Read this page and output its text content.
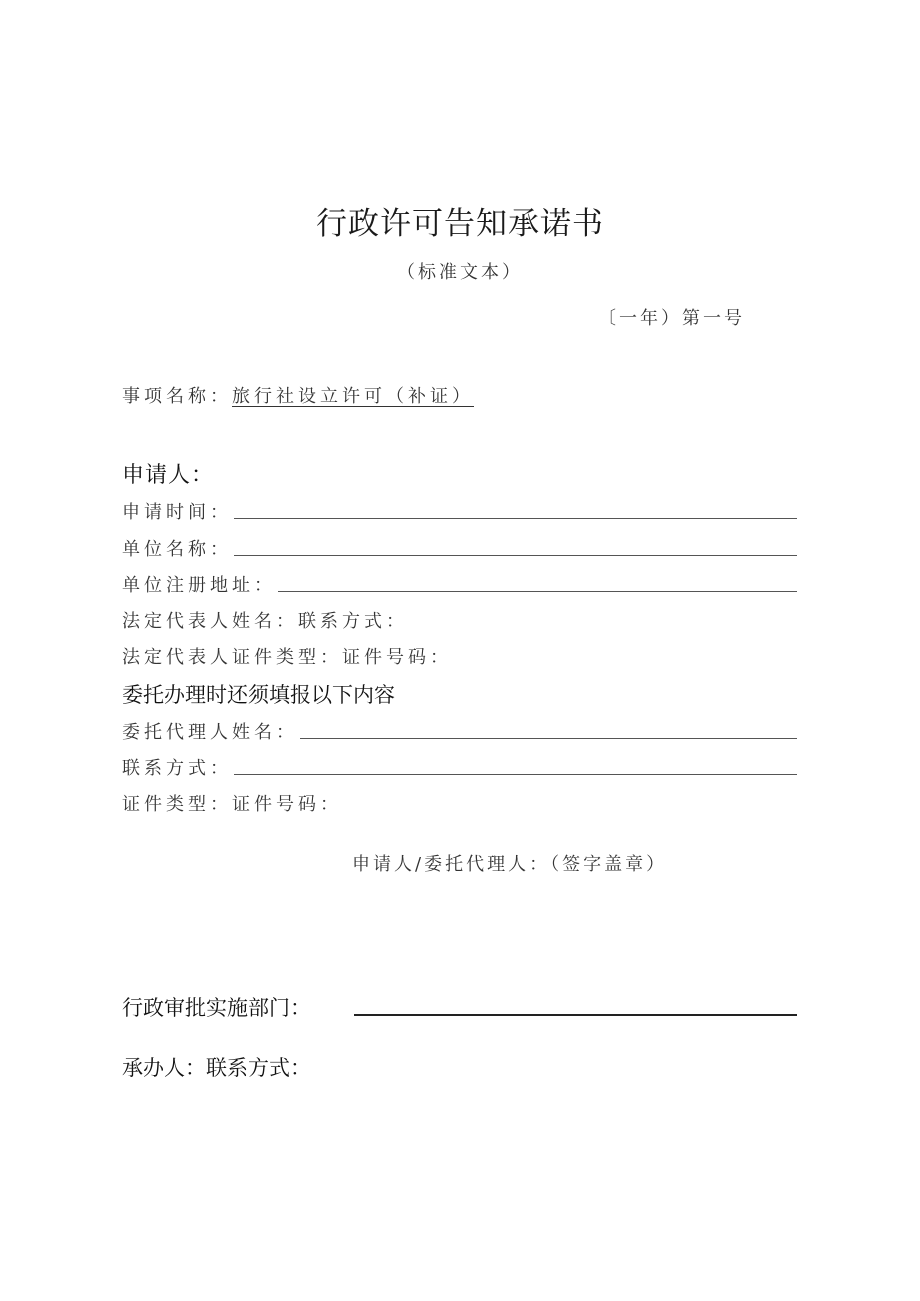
行政许可告知承诺书
（标准文本）
〔一年）第一号
事项名称：旅行社设立许可（补证）
申请人：
申请时间：
单位名称：
单位注册地址：
法定代表人姓名：联系方式：
法定代表人证件类型：证件号码：
委托办理时还须填报以下内容
委托代理人姓名：
联系方式：
证件类型：证件号码：
申请人/委托代理人：（签字盖章）
行政审批实施部门：
承办人：联系方式：
